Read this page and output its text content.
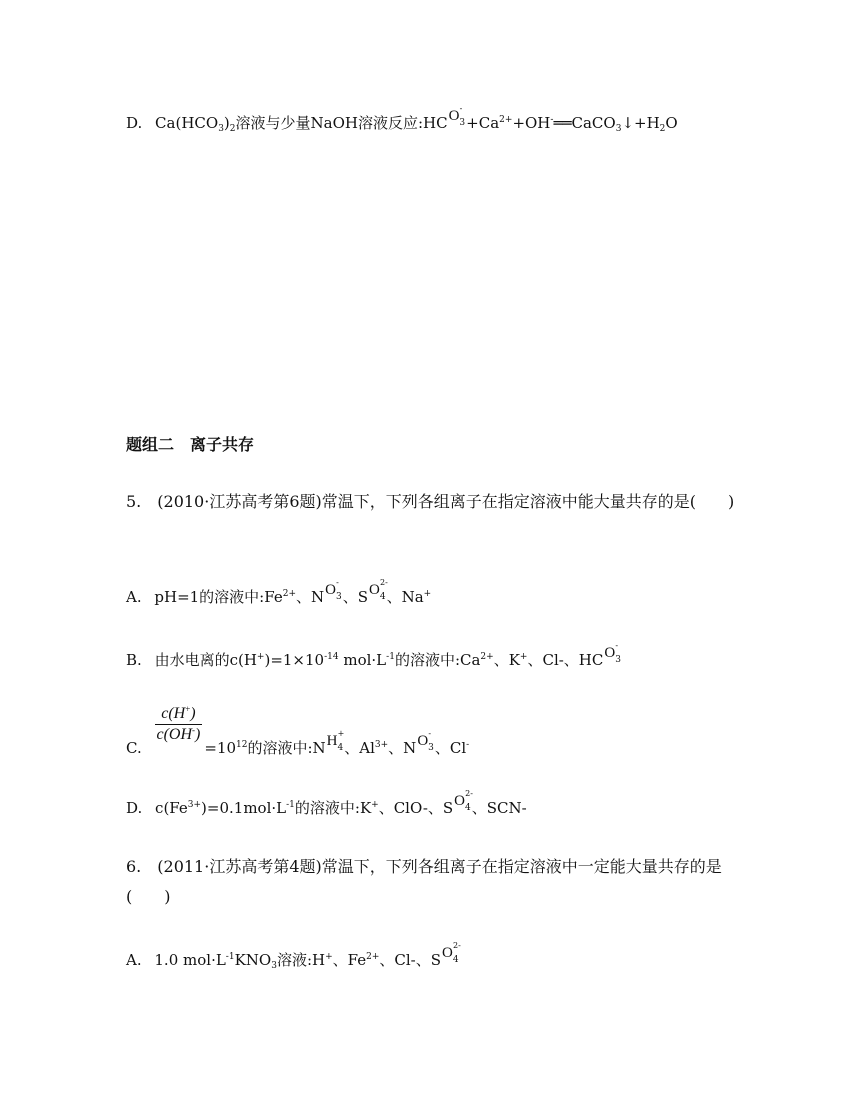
D. $Ca(HCO_3)_2$溶液与少量NaOH溶液反应:HCO -
$^3+Ca^{2+}+OH^-══CaCO_3↓+H_2O$
题组二　离子共存
5.　(2010·江苏高考第6题)常温下，下列各组离子在指定溶液中能大量共存的是(　　)
A. pH=1的溶液中$:Fe^{2+}$、NO -
$^3$、SO 2-
$^4$、Na+
B. 由水电离的$c(H^+)=1\times 10^{-14}$ $mol\cdot L^{-1}$的溶液中$:Ca^{2+}$、K+、Cl-、HCO -
$^3$
C.
$\frac{c(H^+)}{c(OH^-)}$
$=10^{12}$的溶液中:NH +
$^4$、$Al^{3+}$、NO -
$^3$、Cl-
D. $c(Fe^{3+})=0.1mol\cdot L^{-1}$的溶液中:K+、ClO-、SO 2-
$^4$、SCN-
6.　(2011·江苏高考第4题)常温下，下列各组离子在指定溶液中一定能大量共存的是(　　)
A. 1.0 $mol\cdot L^{-1}KNO_3$溶液:H+、$Fe^{2+}$、Cl-、SO 2-
$^4$
